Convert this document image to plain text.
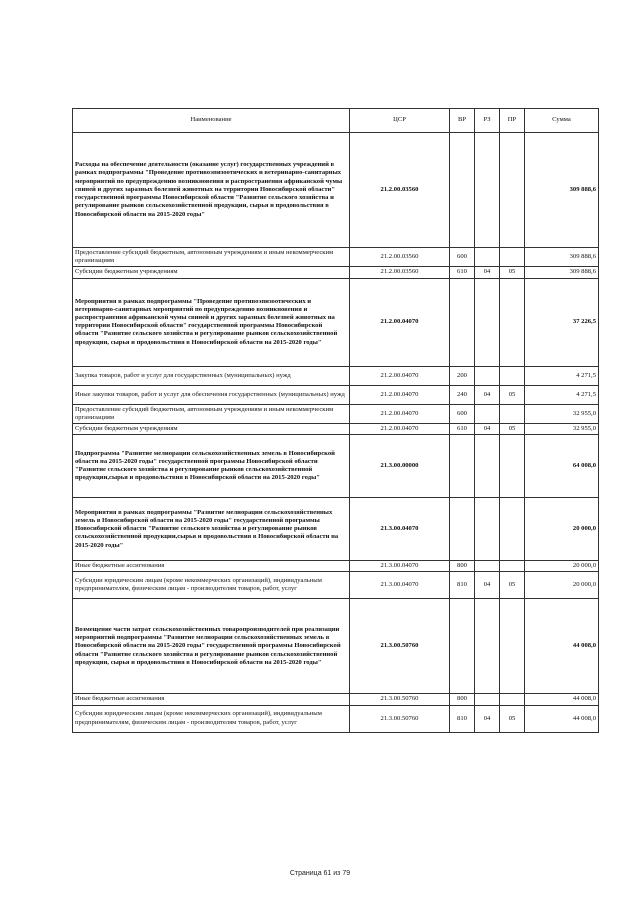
Наименование	ЦСР	ВР	РЗ	ПР	Сумма
Расходы на обеспечение деятельности (оказание услуг) государственных учреждений в рамках подпрограммы "Проведение противоэпизоотических и ветеринарно-санитарных мероприятий по предупреждению возникновения и распространения африканской чумы свиней и других заразных болезней животных на территории Новосибирской области" государственной программы Новосибирской области "Развитие сельского хозяйства и регулирование рынков сельскохозяйственной продукции, сырья и продовольствия в Новосибирской области на 2015-2020 годы"	21.2.00.03560				309 888,6
Предоставление субсидий бюджетным, автономным учреждениям и иным некоммерческим организациям	21.2.00.03560	600			309 888,6
Субсидии бюджетным учреждениям	21.2.00.03560	610	04	05	309 888,6
Мероприятия в рамках подпрограммы "Проведение противоэпизоотических и ветеринарно-санитарных мероприятий по предупреждению возникновения и распространения африканской чумы свиней и других заразных болезней животных на территории Новосибирской области" государственной программы Новосибирской области "Развитие сельского хозяйства и регулирование рынков сельскохозяйственной продукции, сырья и продовольствия в Новосибирской области на 2015-2020 годы"	21.2.00.04070				37 226,5
Закупка товаров, работ и услуг для государственных (муниципальных) нужд	21.2.00.04070	200			4 271,5
Иные закупки товаров, работ и услуг для обеспечения государственных (муниципальных) нужд	21.2.00.04070	240	04	05	4 271,5
Предоставление субсидий бюджетным, автономным учреждениям и иным некоммерческим организациям	21.2.00.04070	600			32 955,0
Субсидии бюджетным учреждениям	21.2.00.04070	610	04	05	32 955,0
Подпрограмма "Развитие мелиорации сельскохозяйственных земель в Новосибирской области на 2015-2020 годы" государственной программы Новосибирской области "Развитие сельского хозяйства и регулирование рынков сельскохозяйственной продукции,сырья и продовольствия в Новосибирской области на 2015-2020 годы"	21.3.00.00000				64 008,0
Мероприятия в рамках подпрограммы "Развитие мелиорации сельскохозяйственных земель в Новосибирской области на 2015-2020 годы" государственной программы Новосибирской области "Развитие сельского хозяйства и регулирование рынков сельскохозяйственной продукции,сырья и продовольствия в Новосибирской области на 2015-2020 годы"	21.3.00.04070				20 000,0
Иные бюджетные ассигнования	21.3.00.04070	800			20 000,0
Субсидии юридическим лицам (кроме некоммерческих организаций), индивидуальным предпринимателям, физическим лицам - производителям товаров, работ, услуг	21.3.00.04070	810	04	05	20 000,0
Возмещение части затрат сельскохозяйственных товаропроизводителей при реализации мероприятий подпрограммы "Развитие мелиорации сельскохозяйственных земель в Новосибирской области на 2015-2020 годы" государственной программы Новосибирской области "Развитие сельского хозяйства и регулирование рынков сельскохозяйственной продукции, сырья и продовольствия в Новосибирской области на 2015-2020 годы"	21.3.00.50760				44 008,0
Иные бюджетные ассигнования	21.3.00.50760	800			44 008,0
Субсидии юридическим лицам (кроме некоммерческих организаций), индивидуальным предпринимателям, физическим лицам - производителям товаров, работ, услуг	21.3.00.50760	810	04	05	44 008,0
Страница 61 из 79
